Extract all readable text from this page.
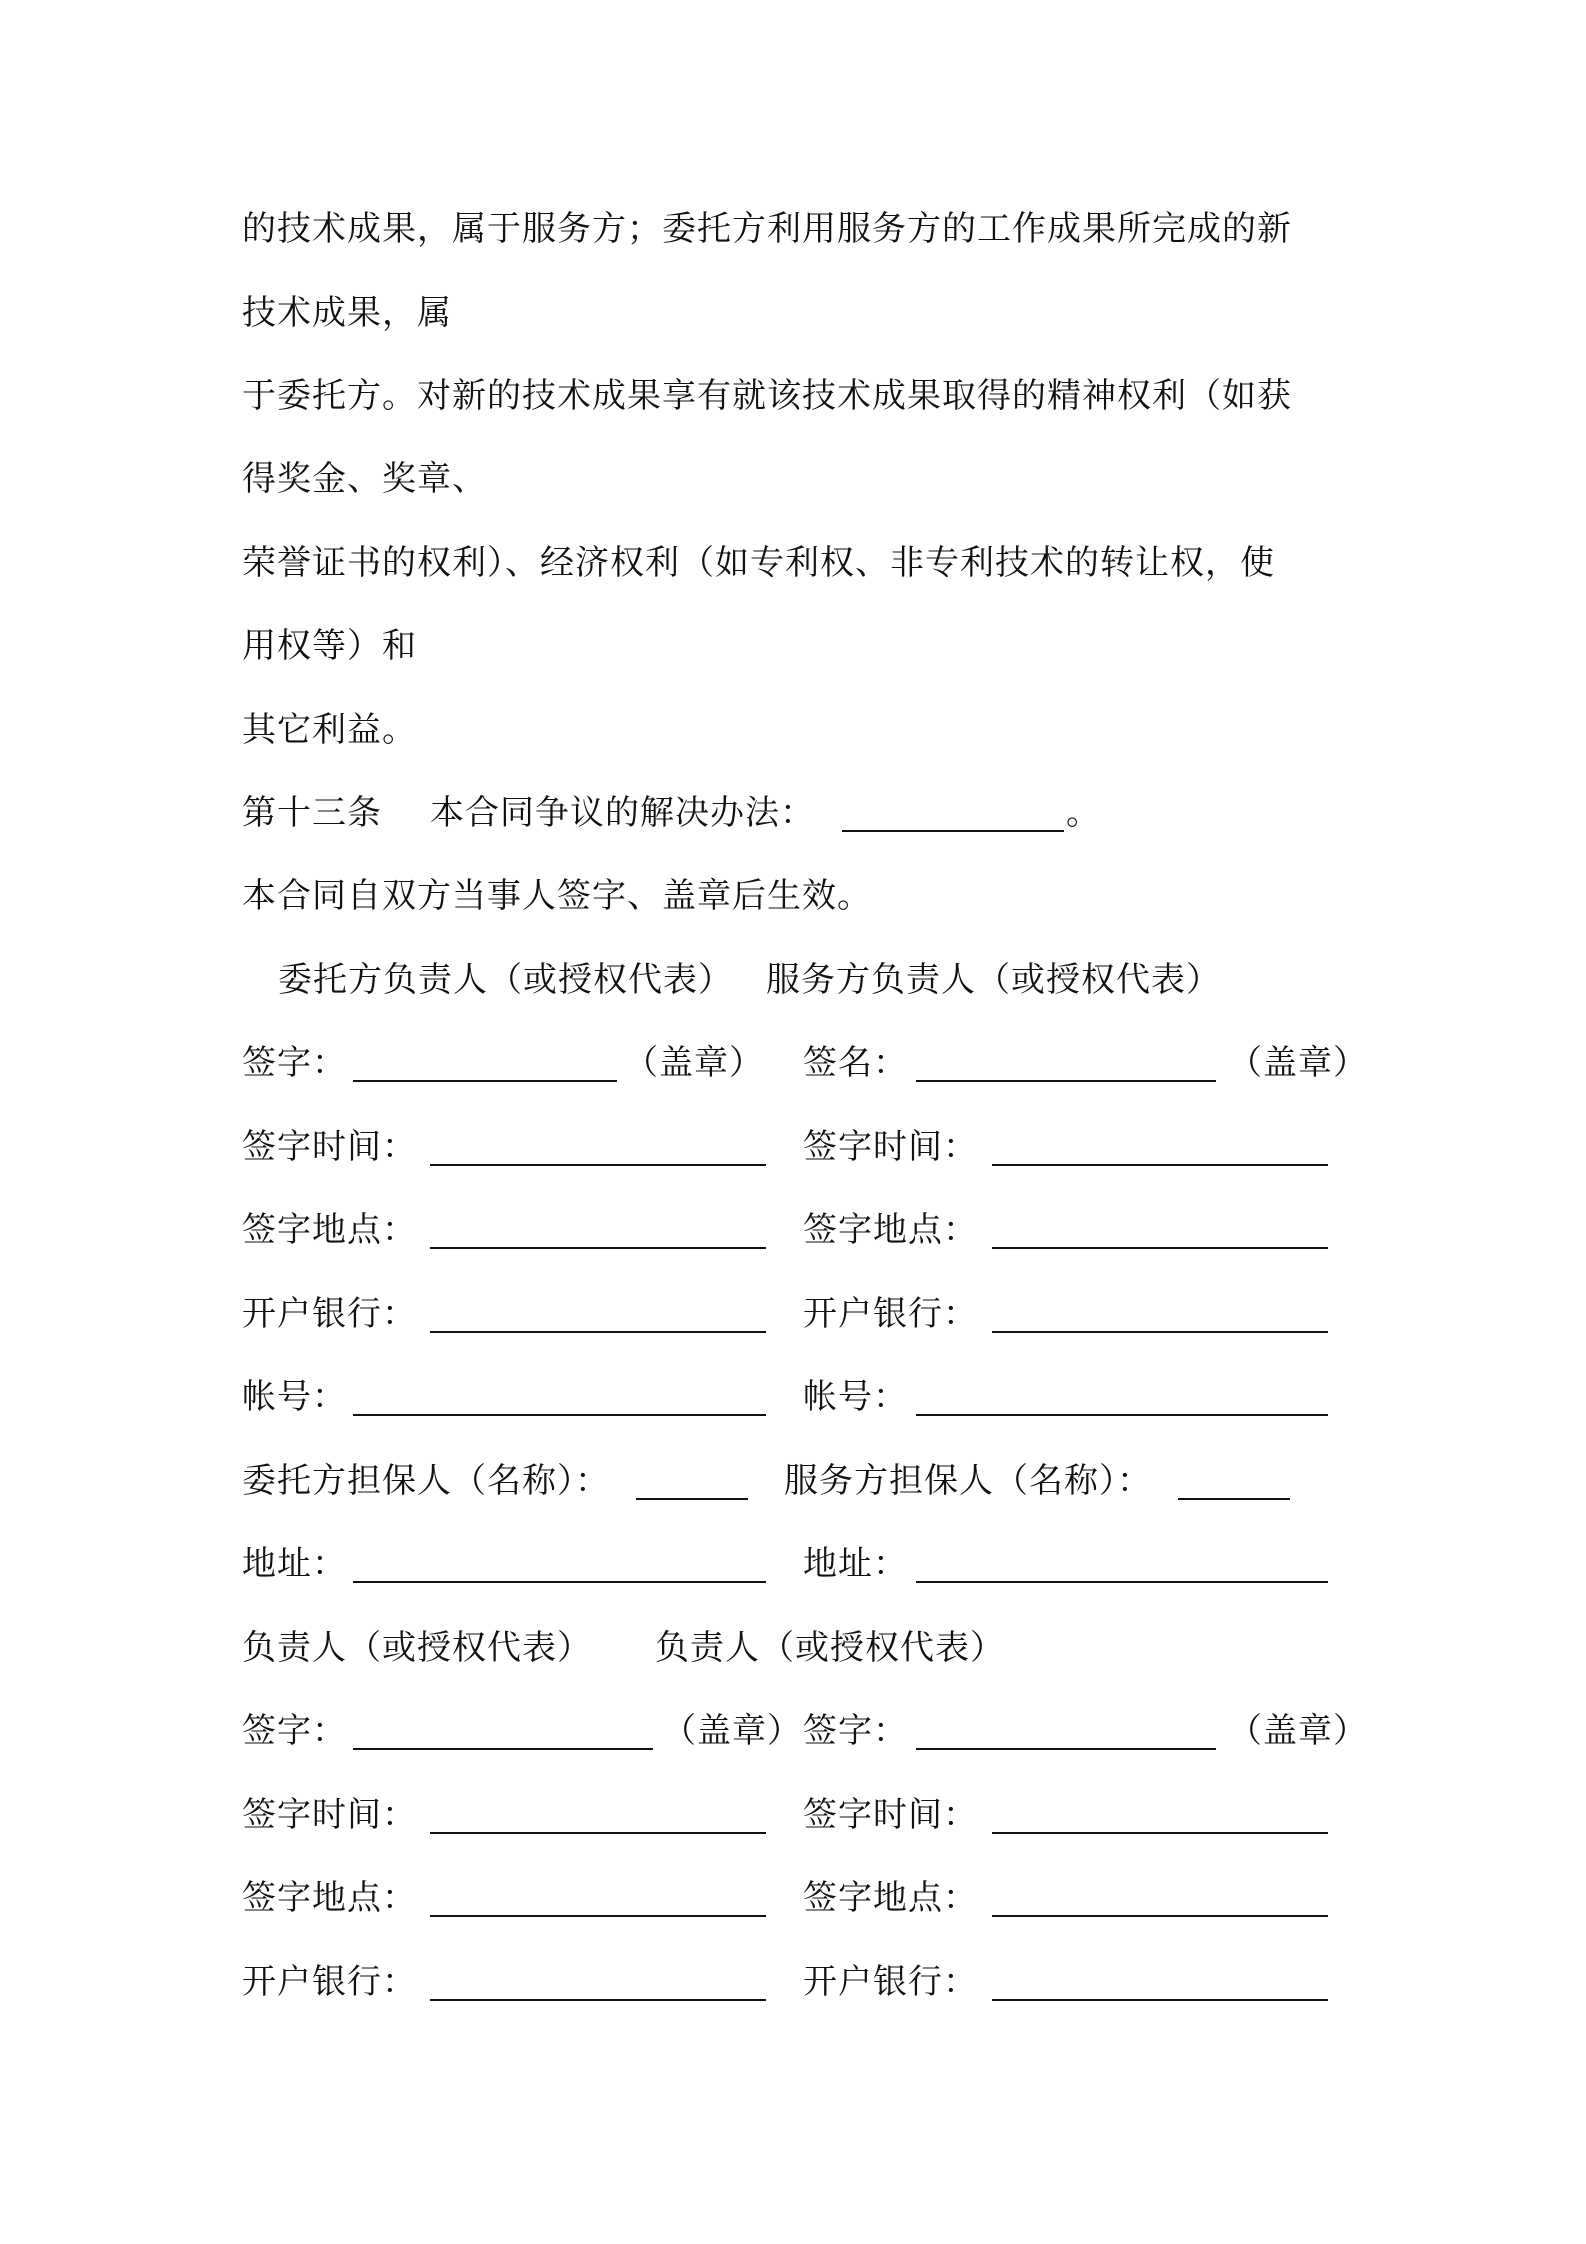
的技术成果，属于服务方；委托方利用服务方的工作成果所完成的新
技术成果，属
于委托方。对新的技术成果享有就该技术成果取得的精神权利（如获
得奖金、奖章、
荣誉证书的权利）、经济权利（如专利权、非专利技术的转让权，使
用权等）和
其它利益。
第十三条 本合同争议的解决办法：	。
本合同自双方当事人签字、盖章后生效。
委托方负责人（或授权代表） 服务方负责人（或授权代表）
签字：	（盖章） 签名：	（盖章）
签字时间：	签字时间：
签字地点：	签字地点：
开户银行：	开户银行：
帐号：	帐号：
委托方担保人（名称）：	服务方担保人（名称）：
地址：	地址：
负责人（或授权代表） 负责人（或授权代表）
签字：	（盖章） 签字：	（盖章）
签字时间：	签字时间：
签字地点：	签字地点：
开户银行：	开户银行：
